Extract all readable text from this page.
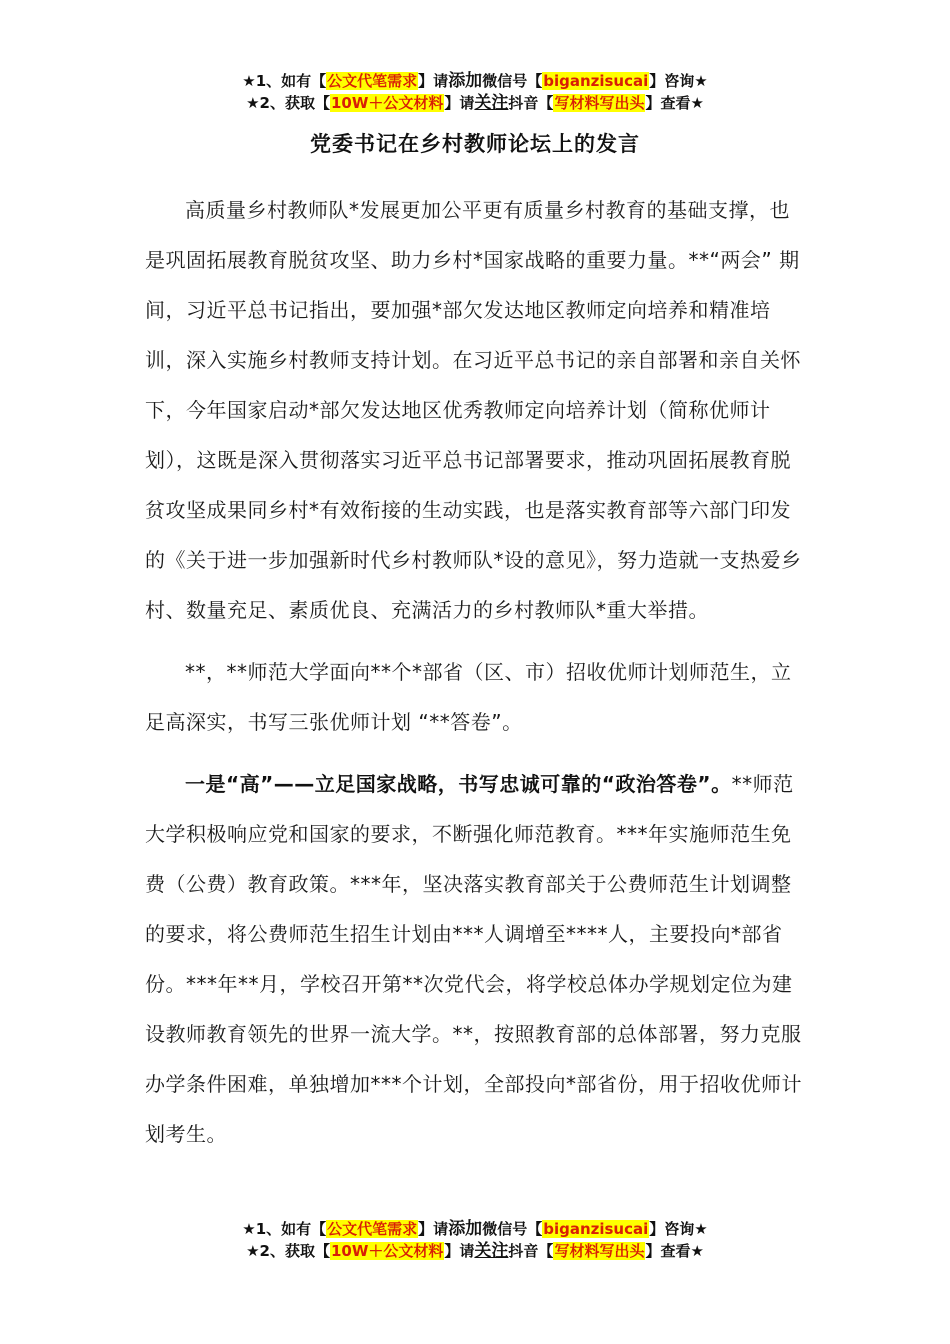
★1、如有【公文代笔需求】请添加微信号【biganzisucai】咨询★
★2、获取【10W＋公文材料】请关注抖音【写材料写出头】查看★
党委书记在乡村教师论坛上的发言

高质量乡村教师队*发展更加公平更有质量乡村教育的基础支撑，也是巩固拓展教育脱贫攻坚、助力乡村*国家战略的重要力量。**“两会” 期间，习近平总书记指出，要加强*部欠发达地区教师定向培养和精准培训，深入实施乡村教师支持计划。在习近平总书记的亲自部署和亲自关怀下，今年国家启动*部欠发达地区优秀教师定向培养计划（简称优师计划），这既是深入贯彻落实习近平总书记部署要求，推动巩固拓展教育脱贫攻坚成果同乡村*有效衔接的生动实践，也是落实教育部等六部门印发的《关于进一步加强新时代乡村教师队*设的意见》，努力造就一支热爱乡村、数量充足、素质优良、充满活力的乡村教师队*重大举措。

**，**师范大学面向**个*部省（区、市）招收优师计划师范生，立足高深实，书写三张优师计划 “**答卷”。

一是“高”——立足国家战略，书写忠诚可靠的“政治答卷”。**师范大学积极响应党和国家的要求，不断强化师范教育。***年实施师范生免费（公费）教育政策。***年，坚决落实教育部关于公费师范生计划调整的要求，将公费师范生招生计划由***人调增至****人，主要投向*部省份。***年**月，学校召开第**次党代会，将学校总体办学规划定位为建设教师教育领先的世界一流大学。**，按照教育部的总体部署，努力克服办学条件困难，单独增加***个计划，全部投向*部省份，用于招收优师计划考生。

★1、如有【公文代笔需求】请添加微信号【biganzisucai】咨询★
★2、获取【10W＋公文材料】请关注抖音【写材料写出头】查看★
